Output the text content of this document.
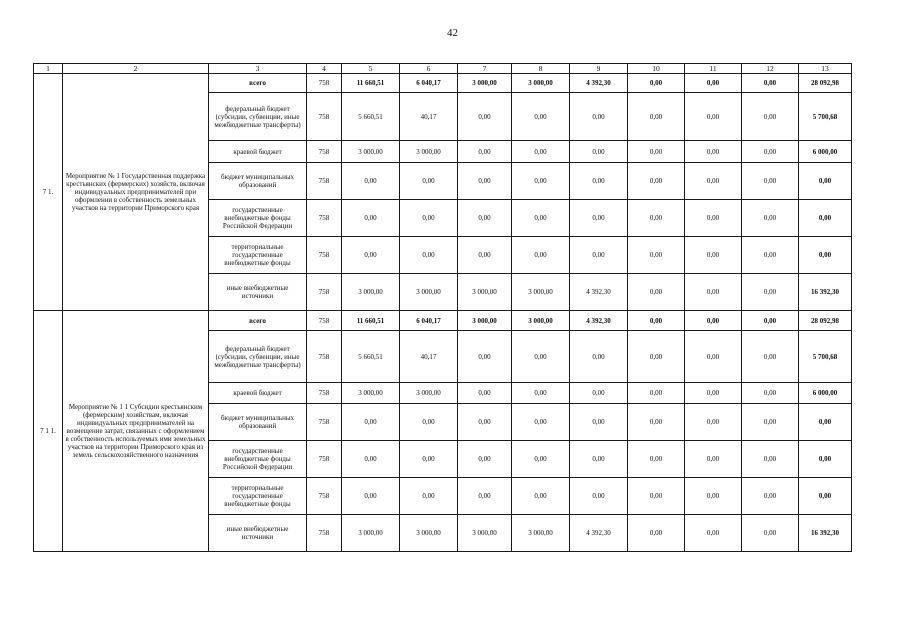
42
1	2	3	4	5	6	7	8	9	10	11	12	13
7 1.	Мероприятие № 1 Государственная поддержка крестьянских (фермерских) хозяйств, включая индивидуальных предпринимателей при оформлении в собственность земельных участков на территории Приморского края	всего	758	11 660,51	6 040,17	3 000,00	3 000,00	4 392,30	0,00	0,00	0,00	28 092,98
		федеральный бюджет (субсидии, субвенции, иные межбюджетные трансферты)	758	5 660,51	40,17	0,00	0,00	0,00	0,00	0,00	0,00	5 700,68
		краевой бюджет	758	3 000,00	3 000,00	0,00	0,00	0,00	0,00	0,00	0,00	6 000,00
		бюджет муниципальных образований	758	0,00	0,00	0,00	0,00	0,00	0,00	0,00	0,00	0,00
		государственные внебюджетные фонды Российской Федерации	758	0,00	0,00	0,00	0,00	0,00	0,00	0,00	0,00	0,00
		территориальные государственные внебюджетные фонды	758	0,00	0,00	0,00	0,00	0,00	0,00	0,00	0,00	0,00
		иные внебюджетные источники	758	3 000,00	3 000,00	3 000,00	3 000,00	4 392,30	0,00	0,00	0,00	16 392,30
7 1 1.	Мероприятие № 1 1 Субсидии крестьянским (фермерским) хозяйствам, включая индивидуальных предпринимателей на возмещение затрат, связанных с оформлением в собственность используемых ими земельных участков на территории Приморского края из земель сельскохозяйственного назначения	всего	758	11 660,51	6 040,17	3 000,00	3 000,00	4 392,30	0,00	0,00	0,00	28 092,98
		федеральный бюджет (субсидии, субвенции, иные межбюджетные трансферты)	758	5 660,51	40,17	0,00	0,00	0,00	0,00	0,00	0,00	5 700,68
		краевой бюджет	758	3 000,00	3 000,00	0,00	0,00	0,00	0,00	0,00	0,00	6 000,00
		бюджет муниципальных образований	758	0,00	0,00	0,00	0,00	0,00	0,00	0,00	0,00	0,00
		государственные внебюджетные фонды Российской Федерации	758	0,00	0,00	0,00	0,00	0,00	0,00	0,00	0,00	0,00
		территориальные государственные внебюджетные фонды	758	0,00	0,00	0,00	0,00	0,00	0,00	0,00	0,00	0,00
		иные внебюджетные источники	758	3 000,00	3 000,00	3 000,00	3 000,00	4 392,30	0,00	0,00	0,00	16 392,30
